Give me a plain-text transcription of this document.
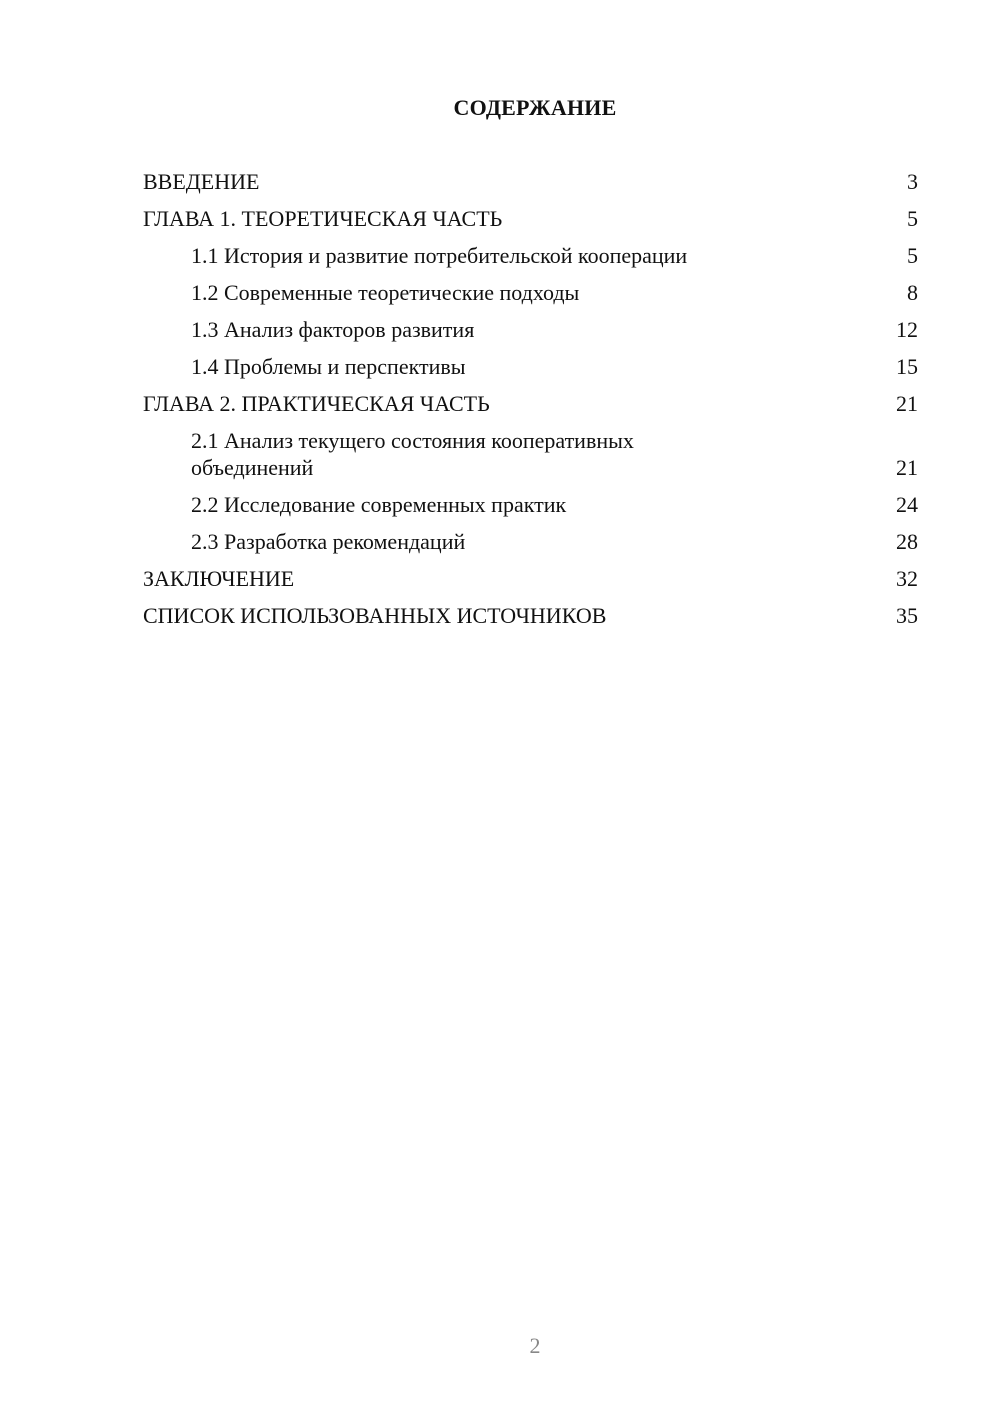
СОДЕРЖАНИЕ
ВВЕДЕНИЕ	3
ГЛАВА 1. ТЕОРЕТИЧЕСКАЯ ЧАСТЬ	5
1.1 История и развитие потребительской кооперации	5
1.2 Современные теоретические подходы	8
1.3 Анализ факторов развития	12
1.4 Проблемы и перспективы	15
ГЛАВА 2. ПРАКТИЧЕСКАЯ ЧАСТЬ	21
2.1 Анализ текущего состояния кооперативных объединений	21
2.2 Исследование современных практик	24
2.3 Разработка рекомендаций	28
ЗАКЛЮЧЕНИЕ	32
СПИСОК ИСПОЛЬЗОВАННЫХ ИСТОЧНИКОВ	35
2
